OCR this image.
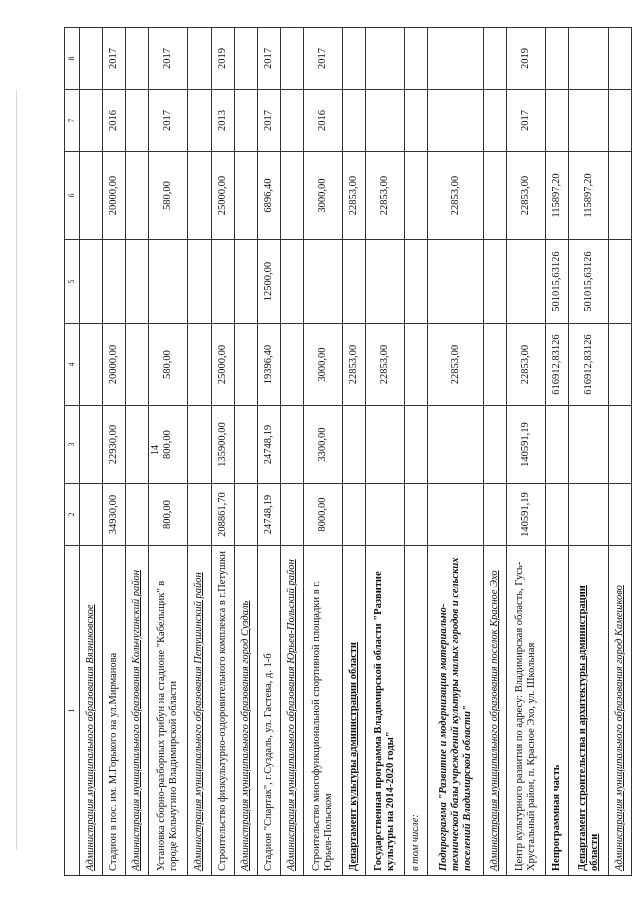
14
1	2	3	4	5	6	7	8
Администрация муниципального образования Вязниковское							
Стадион в пос. им. М.Горького на ул.Мирманова	34930,00	22930,00	20000,00		20000,00	2016	2017
Администрация муниципального образования Кольчугинский район							
Установка сборно-разборных трибун на стадионе "Кабельщик" в городе Кольчугино Владимирской области	800,00	800,00	580,00		580,00	2017	2017
Администрация муниципального образования Петушинский район							
Строительство физкультурно-оздоровительного комплекса в г.Петушки	208861,70	135900,00	25000,00		25000,00	2013	2019
Администрация муниципального образования город Суздаль							
Стадион "Спартак", г.Суздаль, ул. Гастева, д. 1-б	24748,19	24748,19	19396,40	12500,00	6896,40	2017	2017
Администрация муниципального образования Юрьев-Польский район							
Строительство многофункциональной спортивной площадки в г. Юрьев-Польском	8000,00	3300,00	3000,00		3000,00	2016	2017
Департамент культуры администрации области			22853,00		22853,00		
Государственная программа Владимирской области "Развитие культуры на 2014-2020 годы"			22853,00		22853,00		
в том числе:							
Подпрограмма "Развитие и модернизация материально-технической базы учреждений культуры малых городов и сельских поселений Владимирской области"			22853,00		22853,00		
Администрация муниципального образования поселок Красное Эхо							
Центр культурного развития по адресу: Владимирская область, Гусь-Хрустальный район, п. Красное Эхо, ул. Школьная	140591,19	140591,19	22853,00		22853,00	2017	2019
Непрограммная часть			616912,83126	501015,63126	115897,20		
Департамент строительства и архитектуры администрации области			616912,83126	501015,63126	115897,20		
Администрация муниципального образования город Камешково							
